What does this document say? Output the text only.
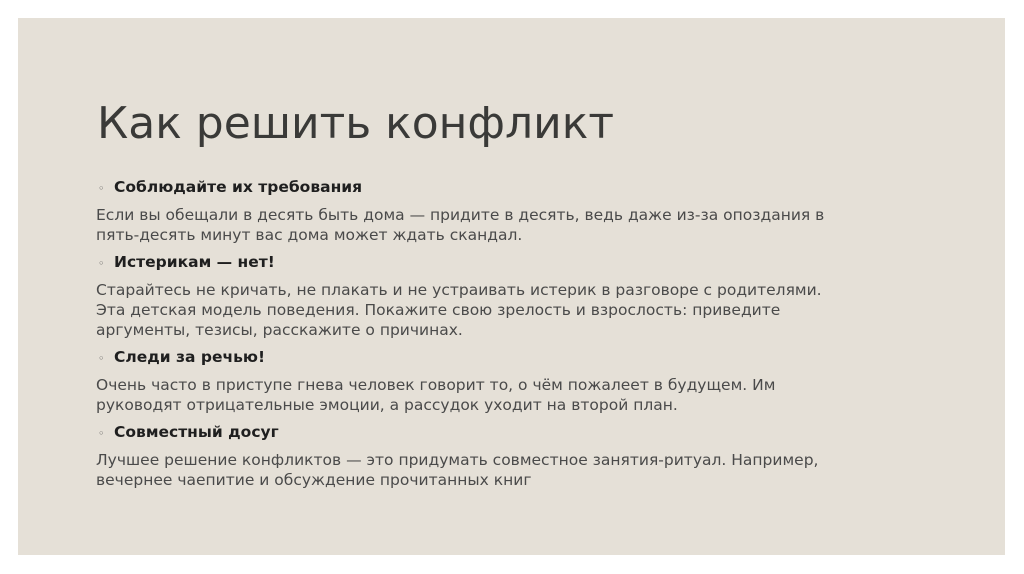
Как решить конфликт
◦ Соблюдайте их требования
Если вы обещали в десять быть дома — придите в десять, ведь даже из-за опоздания в
пять-десять минут вас дома может ждать скандал.
◦ Истерикам — нет!
Старайтесь не кричать, не плакать и не устраивать истерик в разговоре с родителями.
Эта детская модель поведения. Покажите свою зрелость и взрослость: приведите
аргументы, тезисы, расскажите о причинах.
◦ Следи за речью!
Очень часто в приступе гнева человек говорит то, о чём пожалеет в будущем. Им
руководят отрицательные эмоции, а рассудок уходит на второй план.
◦ Совместный досуг
Лучшее решение конфликтов — это придумать совместное занятия-ритуал. Например,
вечернее чаепитие и обсуждение прочитанных книг
